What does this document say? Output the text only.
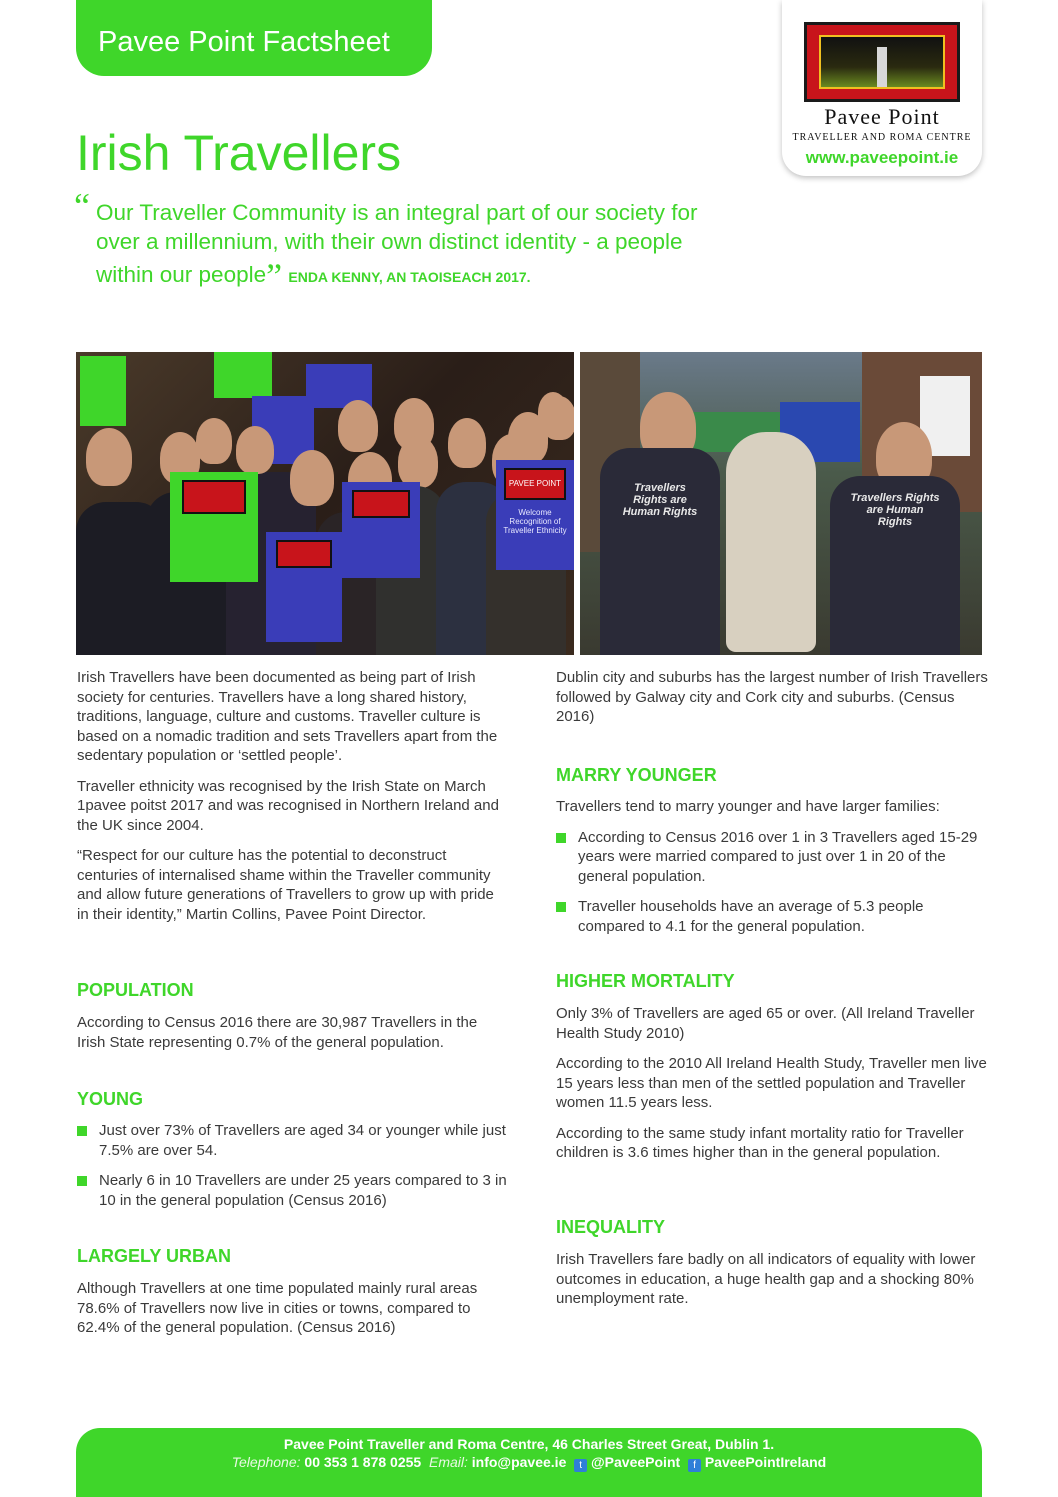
Pavee Point Factsheet
Pavee Point
TRAVELLER AND ROMA CENTRE
www.paveepoint.ie
Irish Travellers
“ Our Traveller Community is an integral part of our society for over a millennium, with their own distinct identity - a people within our people” ENDA KENNY, AN TAOISEACH 2017.
PAVEE POINT
Welcome Recognition of Traveller Ethnicity
Travellers Rights are Human Rights
Travellers Rights are Human Rights

Irish Travellers have been documented as being part of Irish society for centuries. Travellers have a long shared history, traditions, language, culture and customs. Traveller culture is based on a nomadic tradition and sets Travellers apart from the sedentary population or ‘settled people’.

Traveller ethnicity was recognised by the Irish State on March 1pavee poitst 2017 and was recognised in Northern Ireland and the UK since 2004.

“Respect for our culture has the potential to deconstruct centuries of internalised shame within the Traveller community and allow future generations of Travellers to grow up with pride in their identity,” Martin Collins, Pavee Point Director.

POPULATION
According to Census 2016 there are 30,987 Travellers in the Irish State representing 0.7% of the general population.
YOUNG
Just over 73% of Travellers are aged 34 or younger while just 7.5% are over 54.
Nearly 6 in 10 Travellers are under 25 years compared to 3 in 10 in the general population (Census 2016)
LARGELY URBAN
Although Travellers at one time populated mainly rural areas 78.6% of Travellers now live in cities or towns, compared to 62.4% of the general population. (Census 2016)
Dublin city and suburbs has the largest number of Irish Travellers followed by Galway city and Cork city and suburbs. (Census 2016)
MARRY YOUNGER

Travellers tend to marry younger and have larger families:

According to Census 2016 over 1 in 3 Travellers aged 15-29 years were married compared to just over 1 in 20 of the general population.
Traveller households have an average of 5.3 people compared to 4.1 for the general population.
HIGHER MORTALITY

Only 3% of Travellers are aged 65 or over. (All Ireland Traveller Health Study 2010)

According to the 2010 All Ireland Health Study, Traveller men live 15 years less than men of the settled population and Traveller women 11.5 years less.

According to the same study infant mortality ratio for Traveller children is 3.6 times higher than in the general population.

INEQUALITY
Irish Travellers fare badly on all indicators of equality with lower outcomes in education, a huge health gap and a shocking 80% unemployment rate.
Pavee Point Traveller and Roma Centre, 46 Charles Street Great, Dublin 1.
Telephone: 00 353 1 878 0255 Email: info@pavee.ie t @PaveePoint f PaveePointIreland
